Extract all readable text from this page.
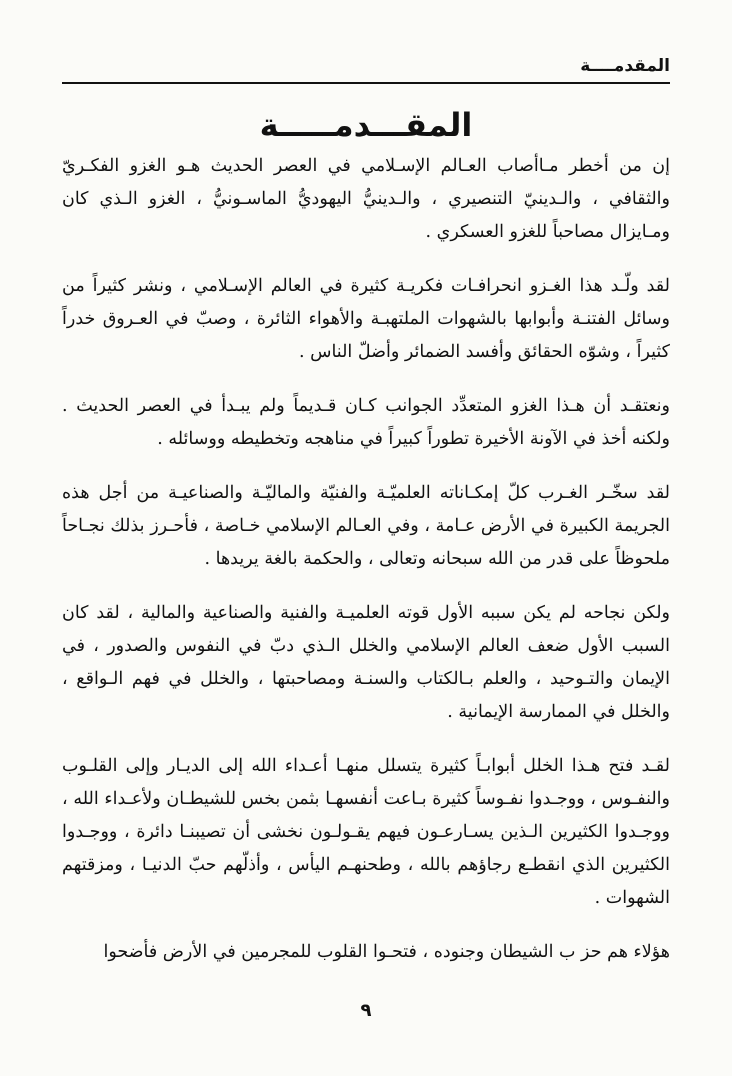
المقدمــــة
المقـــدمـــــة

إن من أخطر مـاأصاب العـالم الإسـلامي في العصر الحديث هـو الغزو الفكـريّ والثقافي ، والـدينيّ التنصيري ، والـدينيُّ اليهوديُّ الماسـونيُّ ، الغزو الـذي كان ومـايزال مصاحباً للغزو العسكري .

لقد ولّـد هذا الغـزو انحرافـات فكريـة كثيرة في العالم الإسـلامي ، ونشر كثيراً من وسائل الفتنـة وأبوابها بالشهوات الملتهبـة والأهواء الثائرة ، وصبّ في العـروق خدراً كثيراً ، وشوّه الحقائق وأفسد الضمائر وأضلّ الناس .

ونعتقـد أن هـذا الغزو المتعدِّد الجوانب كـان قـديماً ولم يبـدأ في العصر الحديث . ولكنه أخذ في الآونة الأخيرة تطوراً كبيراً في مناهجه وتخطيطه ووسائله .

لقد سخّـر الغـرب كلّ إمكـاناته العلميّـة والفنيّة والماليّـة والصناعيـة من أجل هذه الجريمة الكبيرة في الأرض عـامة ، وفي العـالم الإسلامي خـاصة ، فأحـرز بذلك نجـاحاً ملحوظاً على قدر من الله سبحانه وتعالى ، والحكمة بالغة يريدها .

ولكن نجاحه لم يكن سببه الأول قوته العلميـة والفنية والصناعية والمالية ، لقد كان السبب الأول ضعف العالم الإسلامي والخلل الـذي دبّ في النفوس والصدور ، في الإيمان والتـوحيد ، والعلم بـالكتاب والسنـة ومصاحبتها ، والخلل في فهم الـواقع ، والخلل في الممارسة الإيمانية .

لقـد فتح هـذا الخلل أبوابـاً كثيرة يتسلل منهـا أعـداء الله إلى الديـار وإلى القلـوب والنفـوس ، ووجـدوا نفـوساً كثيرة بـاعت أنفسهـا بثمن بخس للشيطـان ولأعـداء الله ، ووجـدوا الكثيرين الـذين يسـارعـون فيهم يقـولـون نخشى أن تصيبنـا دائرة ، ووجـدوا الكثيرين الذي انقطـع رجاؤهم بالله ، وطحنهـم اليأس ، وأذلّهم حبّ الدنيـا ، ومزقتهم الشهوات .

هؤلاء هم حز ب الشيطان وجنوده ، فتحـوا القلوب للمجرمين في الأرض فأضحوا

٩
